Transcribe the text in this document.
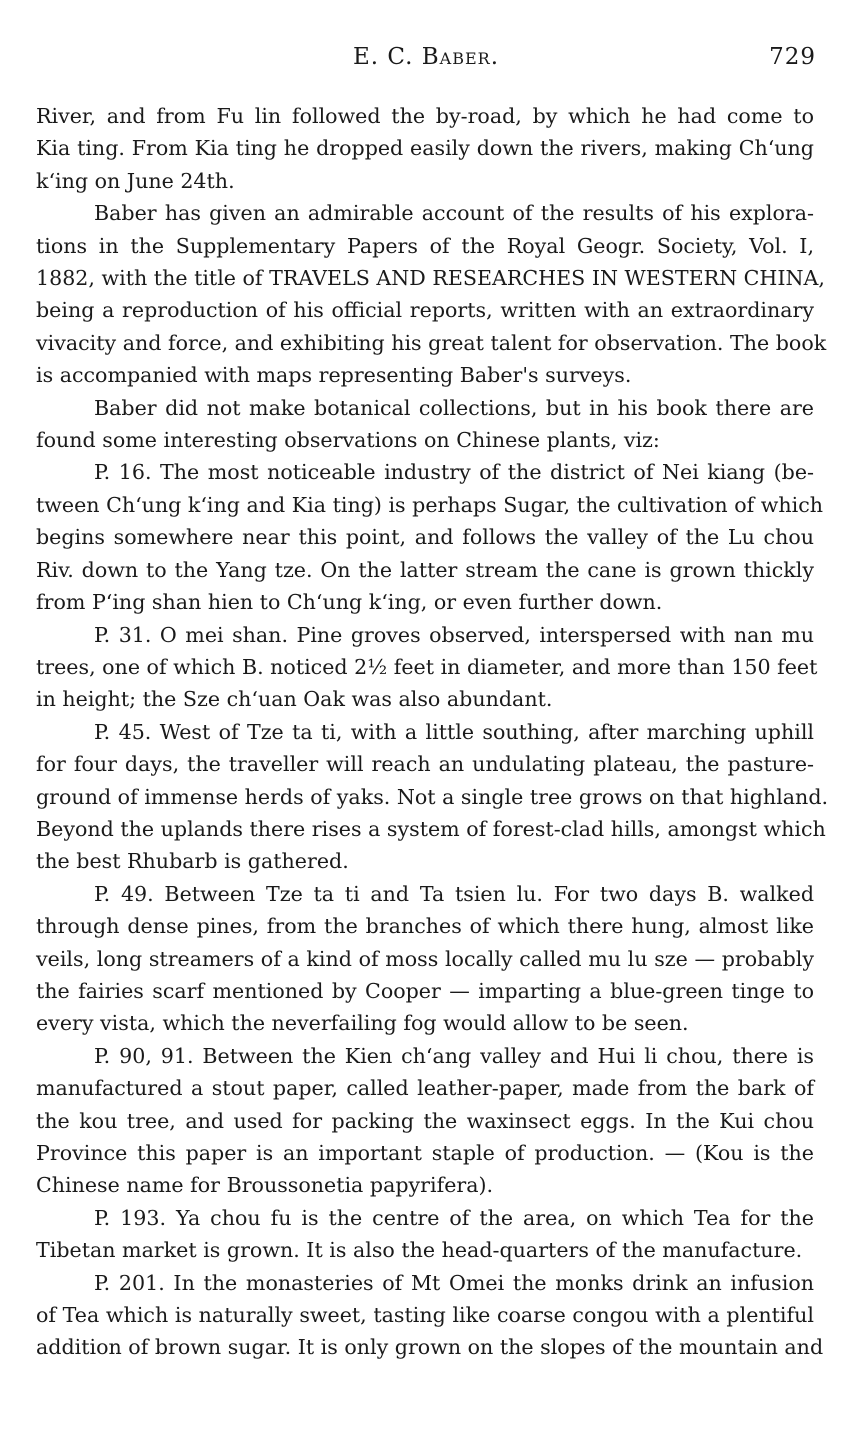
E. C. Baber.	729
River, and from Fu lin followed the by-road, by which he had come to
Kia ting. From Kia ting he dropped easily down the rivers, making Chʻung
kʻing on June 24th.
Baber has given an admirable account of the results of his explora-
tions in the Supplementary Papers of the Royal Geogr. Society, Vol. I,
1882, with the title of TRAVELS AND RESEARCHES IN WESTERN CHINA,
being a reproduction of his official reports, written with an extraordinary
vivacity and force, and exhibiting his great talent for observation. The book
is accompanied with maps representing Baber's surveys.
Baber did not make botanical collections, but in his book there are
found some interesting observations on Chinese plants, viz:
P. 16. The most noticeable industry of the district of Nei kiang (be-
tween Chʻung kʻing and Kia ting) is perhaps Sugar, the cultivation of which
begins somewhere near this point, and follows the valley of the Lu chou
Riv. down to the Yang tze. On the latter stream the cane is grown thickly
from Pʻing shan hien to Chʻung kʻing, or even further down.
P. 31. O mei shan. Pine groves observed, interspersed with nan mu
trees, one of which B. noticed 2½ feet in diameter, and more than 150 feet
in height; the Sze chʻuan Oak was also abundant.
P. 45. West of Tze ta ti, with a little southing, after marching uphill
for four days, the traveller will reach an undulating plateau, the pasture-
ground of immense herds of yaks. Not a single tree grows on that highland.
Beyond the uplands there rises a system of forest-clad hills, amongst which
the best Rhubarb is gathered.
P. 49. Between Tze ta ti and Ta tsien lu. For two days B. walked
through dense pines, from the branches of which there hung, almost like
veils, long streamers of a kind of moss locally called mu lu sze — probably
the fairies scarf mentioned by Cooper — imparting a blue-green tinge to
every vista, which the neverfailing fog would allow to be seen.
P. 90, 91. Between the Kien chʻang valley and Hui li chou, there is
manufactured a stout paper, called leather-paper, made from the bark of
the kou tree, and used for packing the waxinsect eggs. In the Kui chou
Province this paper is an important staple of production. — (Kou is the
Chinese name for Broussonetia papyrifera).
P. 193. Ya chou fu is the centre of the area, on which Tea for the
Tibetan market is grown. It is also the head-quarters of the manufacture.
P. 201. In the monasteries of Mt Omei the monks drink an infusion
of Tea which is naturally sweet, tasting like coarse congou with a plentiful
addition of brown sugar. It is only grown on the slopes of the mountain and
